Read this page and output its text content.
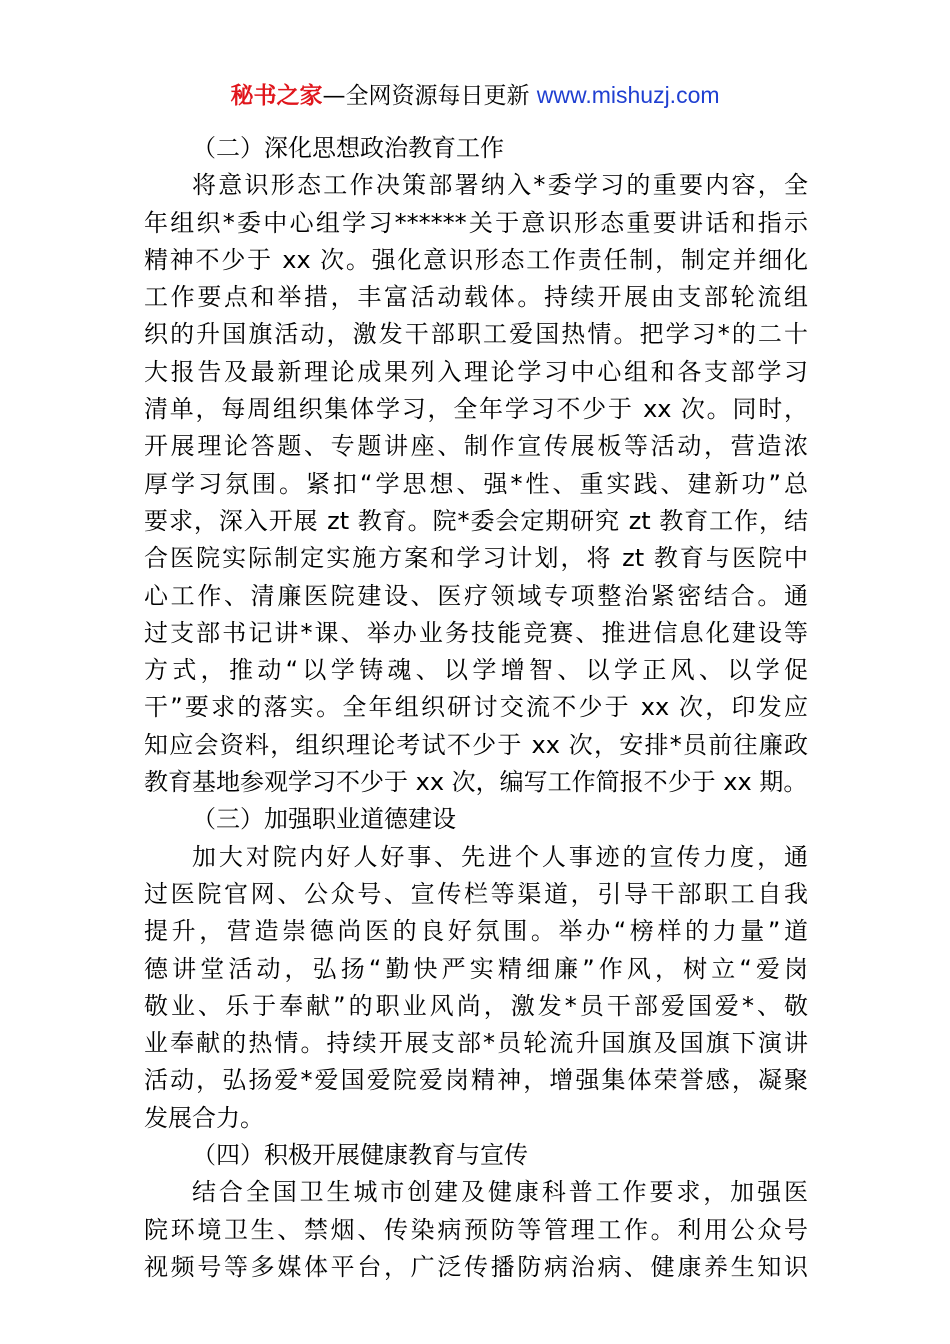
秘书之家—全网资源每日更新 www.mishuzj.com
（二）深化思想政治教育工作
将意识形态工作决策部署纳入*委学习的重要内容，全
年组织*委中心组学习******关于意识形态重要讲话和指示
精神不少于 xx 次。强化意识形态工作责任制，制定并细化
工作要点和举措，丰富活动载体。持续开展由支部轮流组
织的升国旗活动，激发干部职工爱国热情。把学习*的二十
大报告及最新理论成果列入理论学习中心组和各支部学习
清单，每周组织集体学习，全年学习不少于 xx 次。同时，
开展理论答题、专题讲座、制作宣传展板等活动，营造浓
厚学习氛围。紧扣“学思想、强*性、重实践、建新功”总
要求，深入开展 zt 教育。院*委会定期研究 zt 教育工作，结
合医院实际制定实施方案和学习计划，将 zt 教育与医院中
心工作、清廉医院建设、医疗领域专项整治紧密结合。通
过支部书记讲*课、举办业务技能竞赛、推进信息化建设等
方式，推动“以学铸魂、以学增智、以学正风、以学促
干”要求的落实。全年组织研讨交流不少于 xx 次，印发应
知应会资料，组织理论考试不少于 xx 次，安排*员前往廉政
教育基地参观学习不少于 xx 次，编写工作简报不少于 xx 期。
（三）加强职业道德建设
加大对院内好人好事、先进个人事迹的宣传力度，通
过医院官网、公众号、宣传栏等渠道，引导干部职工自我
提升，营造崇德尚医的良好氛围。举办“榜样的力量”道
德讲堂活动，弘扬“勤快严实精细廉”作风，树立“爱岗
敬业、乐于奉献”的职业风尚，激发*员干部爱国爱*、敬
业奉献的热情。持续开展支部*员轮流升国旗及国旗下演讲
活动，弘扬爱*爱国爱院爱岗精神，增强集体荣誉感，凝聚
发展合力。
（四）积极开展健康教育与宣传
结合全国卫生城市创建及健康科普工作要求，加强医
院环境卫生、禁烟、传染病预防等管理工作。利用公众号
视频号等多媒体平台，广泛传播防病治病、健康养生知识
